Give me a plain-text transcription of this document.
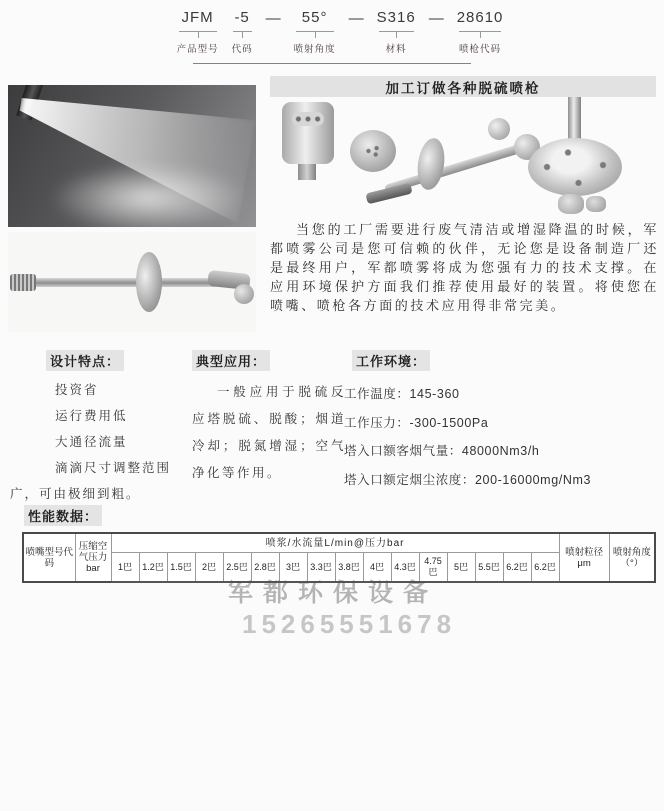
JFM
产品型号
-5
代码
— 55°
喷射角度
— S316
材料
— 28610
喷枪代码
加工订做各种脱硫喷枪

当您的工厂需要进行废气清洁或增湿降温的时候，军都喷雾公司是您可信赖的伙伴，无论您是设备制造厂还是最终用户，军都喷雾将成为您强有力的技术支撑。在应用环境保护方面我们推荐使用最好的装置。将使您在喷嘴、喷枪各方面的技术应用得非常完美。

设计特点：
投资省
运行费用低
大通径流量
滴滴尺寸调整范围广，可由极细到粗。
典型应用：

一般应用于脱硫反应塔脱硫、脱酸；烟道冷却；脱氮增湿；空气净化等作用。

工作环境：
工作温度：145-360
工作压力：-300-1500Pa
塔入口额客烟气量：48000Nm3/h
塔入口额定烟尘浓度：200-16000mg/Nm3
性能数据：
喷嘴型号代码	压缩空气压力bar	喷浆/水流量L/min@压力bar																喷射粒径μm	喷射角度（°）
		1巴	1.2巴	1.5巴	2巴	2.5巴	2.8巴	3巴	3.3巴	3.8巴	4巴	4.3巴	4.75巴	5巴	5.5巴	6.2巴	6.2巴		
军都环保设备
15265551678
